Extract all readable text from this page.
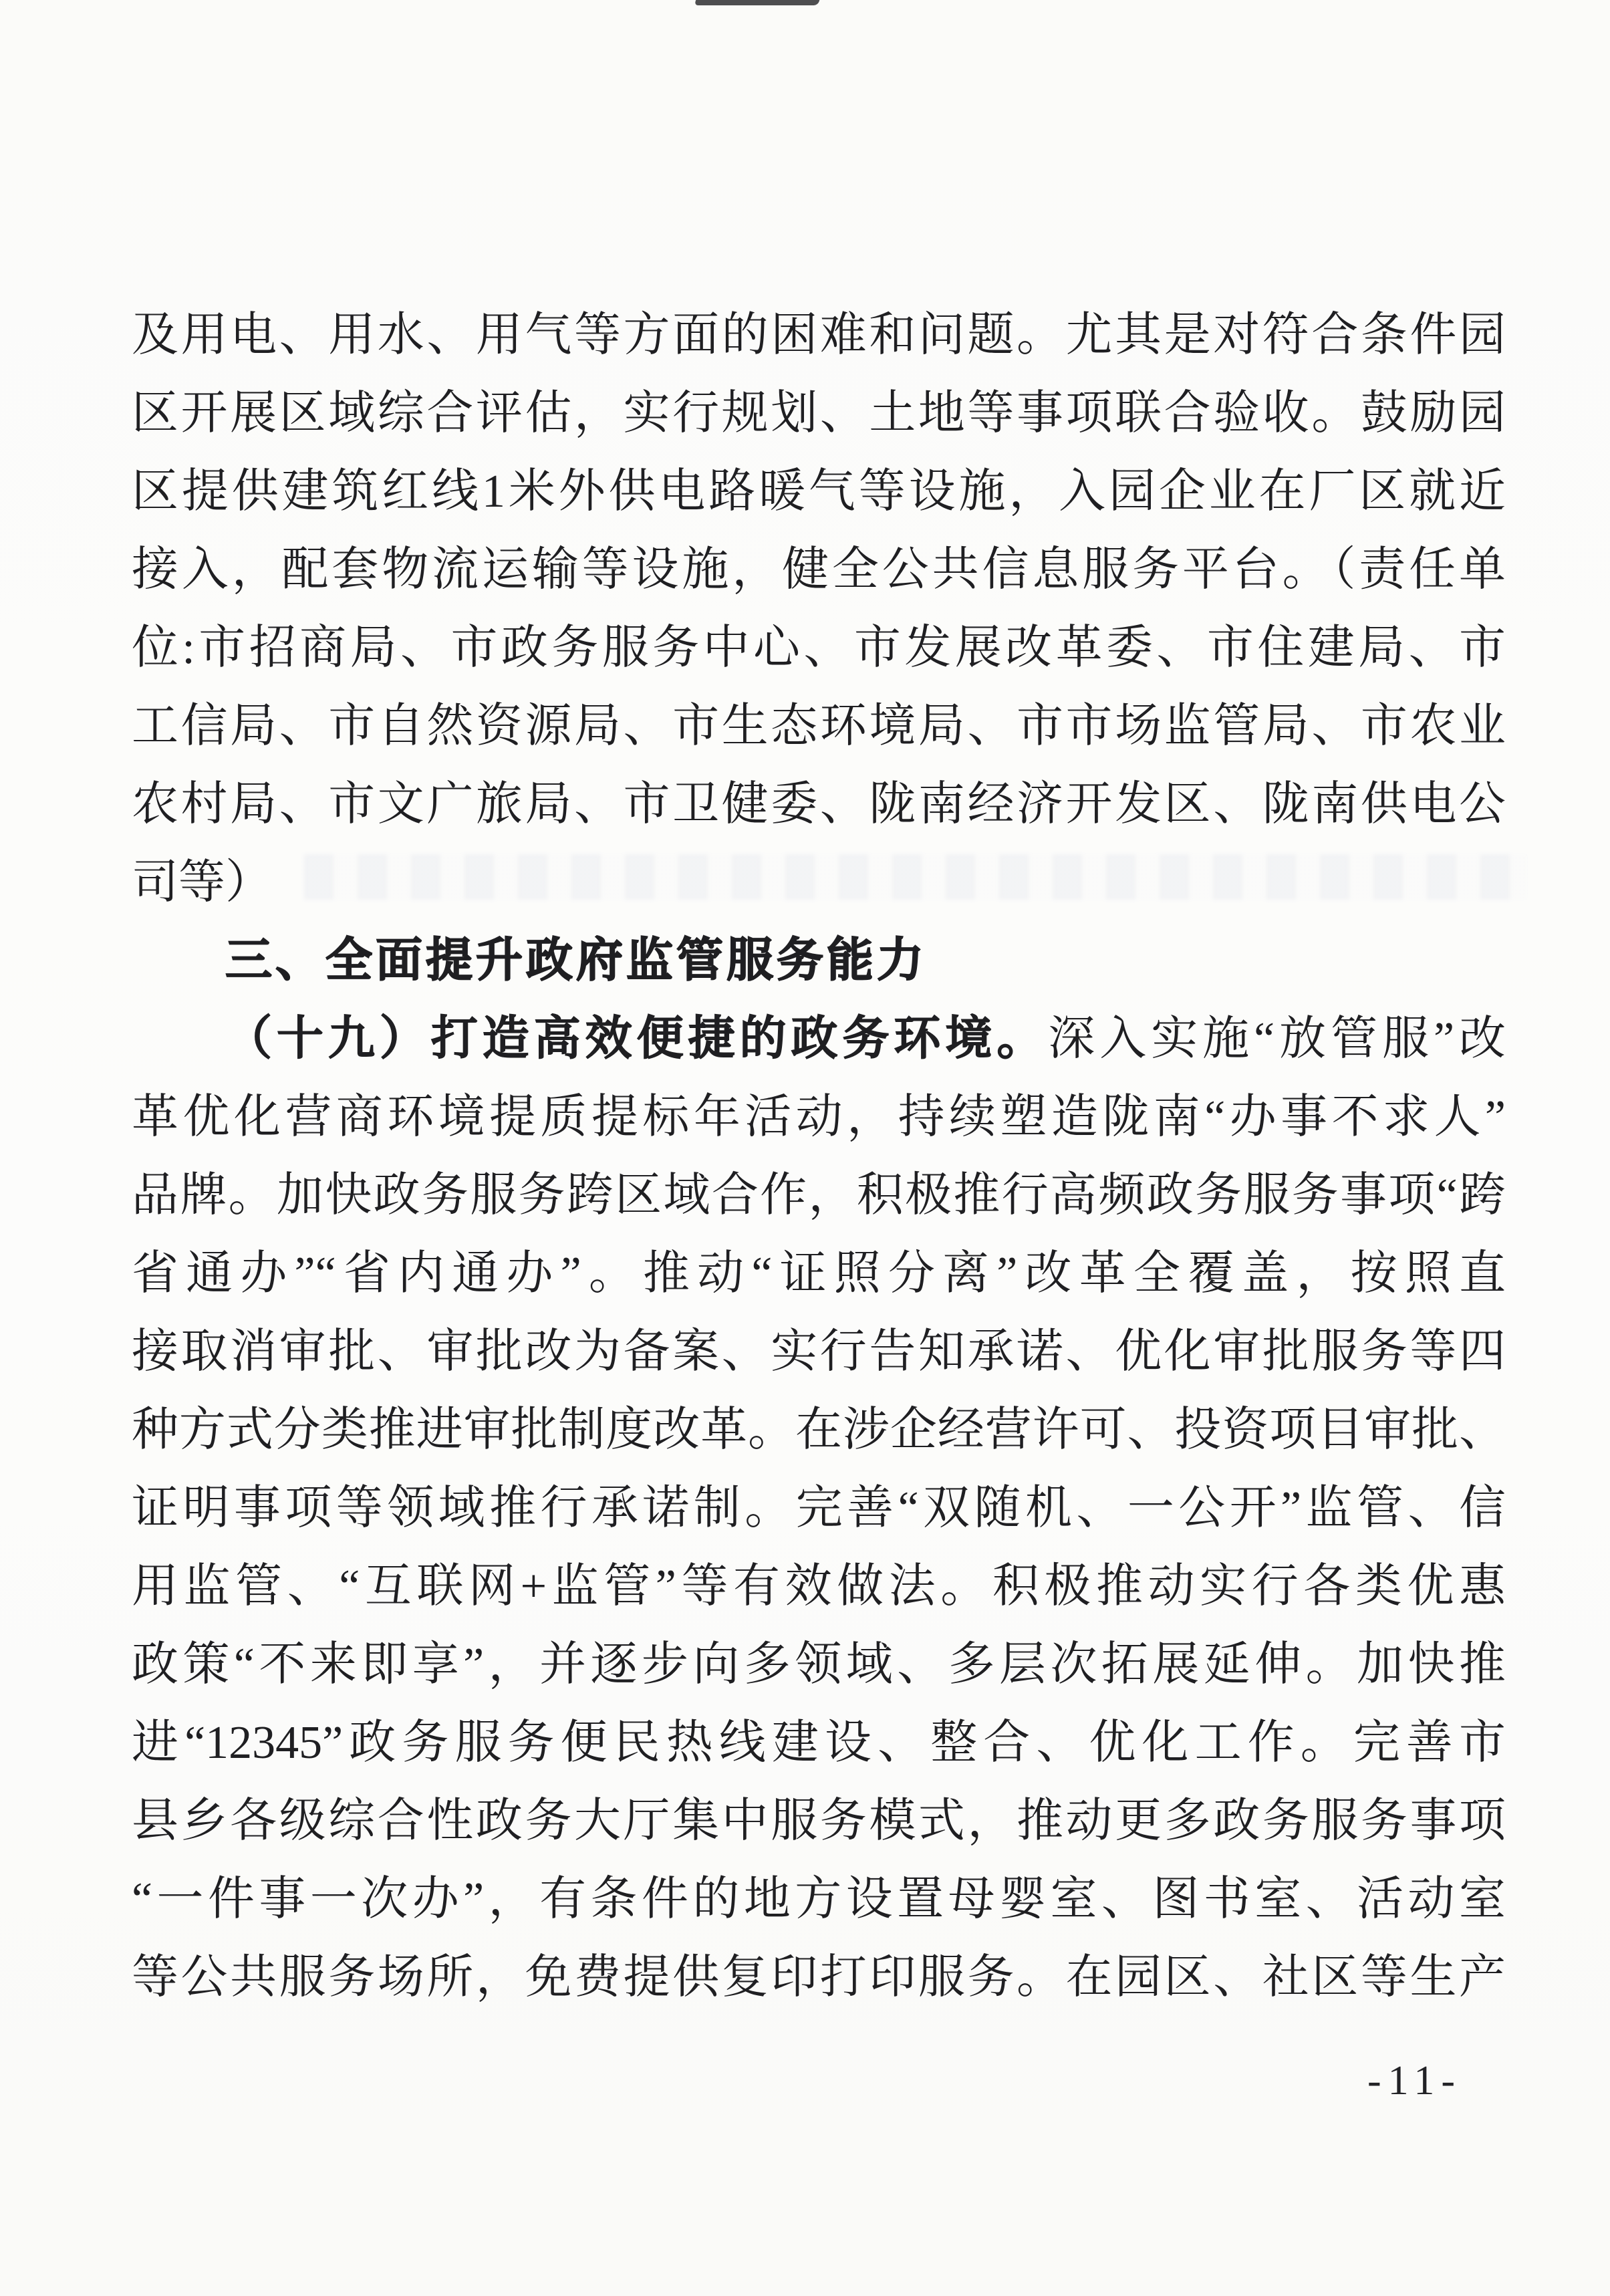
及用电、用水、用气等方面的困难和问题。尤其是对符合条件园
区开展区域综合评估，实行规划、土地等事项联合验收。鼓励园
区提供建筑红线1米外供电路暖气等设施，入园企业在厂区就近
接入，配套物流运输等设施，健全公共信息服务平台。（责任单
位:市招商局、市政务服务中心、市发展改革委、市住建局、市
工信局、市自然资源局、市生态环境局、市市场监管局、市农业
农村局、市文广旅局、市卫健委、陇南经济开发区、陇南供电公
司等）
三、全面提升政府监管服务能力
（十九）打造高效便捷的政务环境。深入实施“放管服”改
革优化营商环境提质提标年活动，持续塑造陇南“办事不求人”
品牌。加快政务服务跨区域合作，积极推行高频政务服务事项“跨
省通办”“省内通办”。推动“证照分离”改革全覆盖，按照直
接取消审批、审批改为备案、实行告知承诺、优化审批服务等四
种方式分类推进审批制度改革。在涉企经营许可、投资项目审批、
证明事项等领域推行承诺制。完善“双随机、一公开”监管、信
用监管、“互联网+监管”等有效做法。积极推动实行各类优惠
政策“不来即享”，并逐步向多领域、多层次拓展延伸。加快推
进“12345”政务服务便民热线建设、整合、优化工作。完善市
县乡各级综合性政务大厅集中服务模式，推动更多政务服务事项
“一件事一次办”，有条件的地方设置母婴室、图书室、活动室
等公共服务场所，免费提供复印打印服务。在园区、社区等生产
-11-
